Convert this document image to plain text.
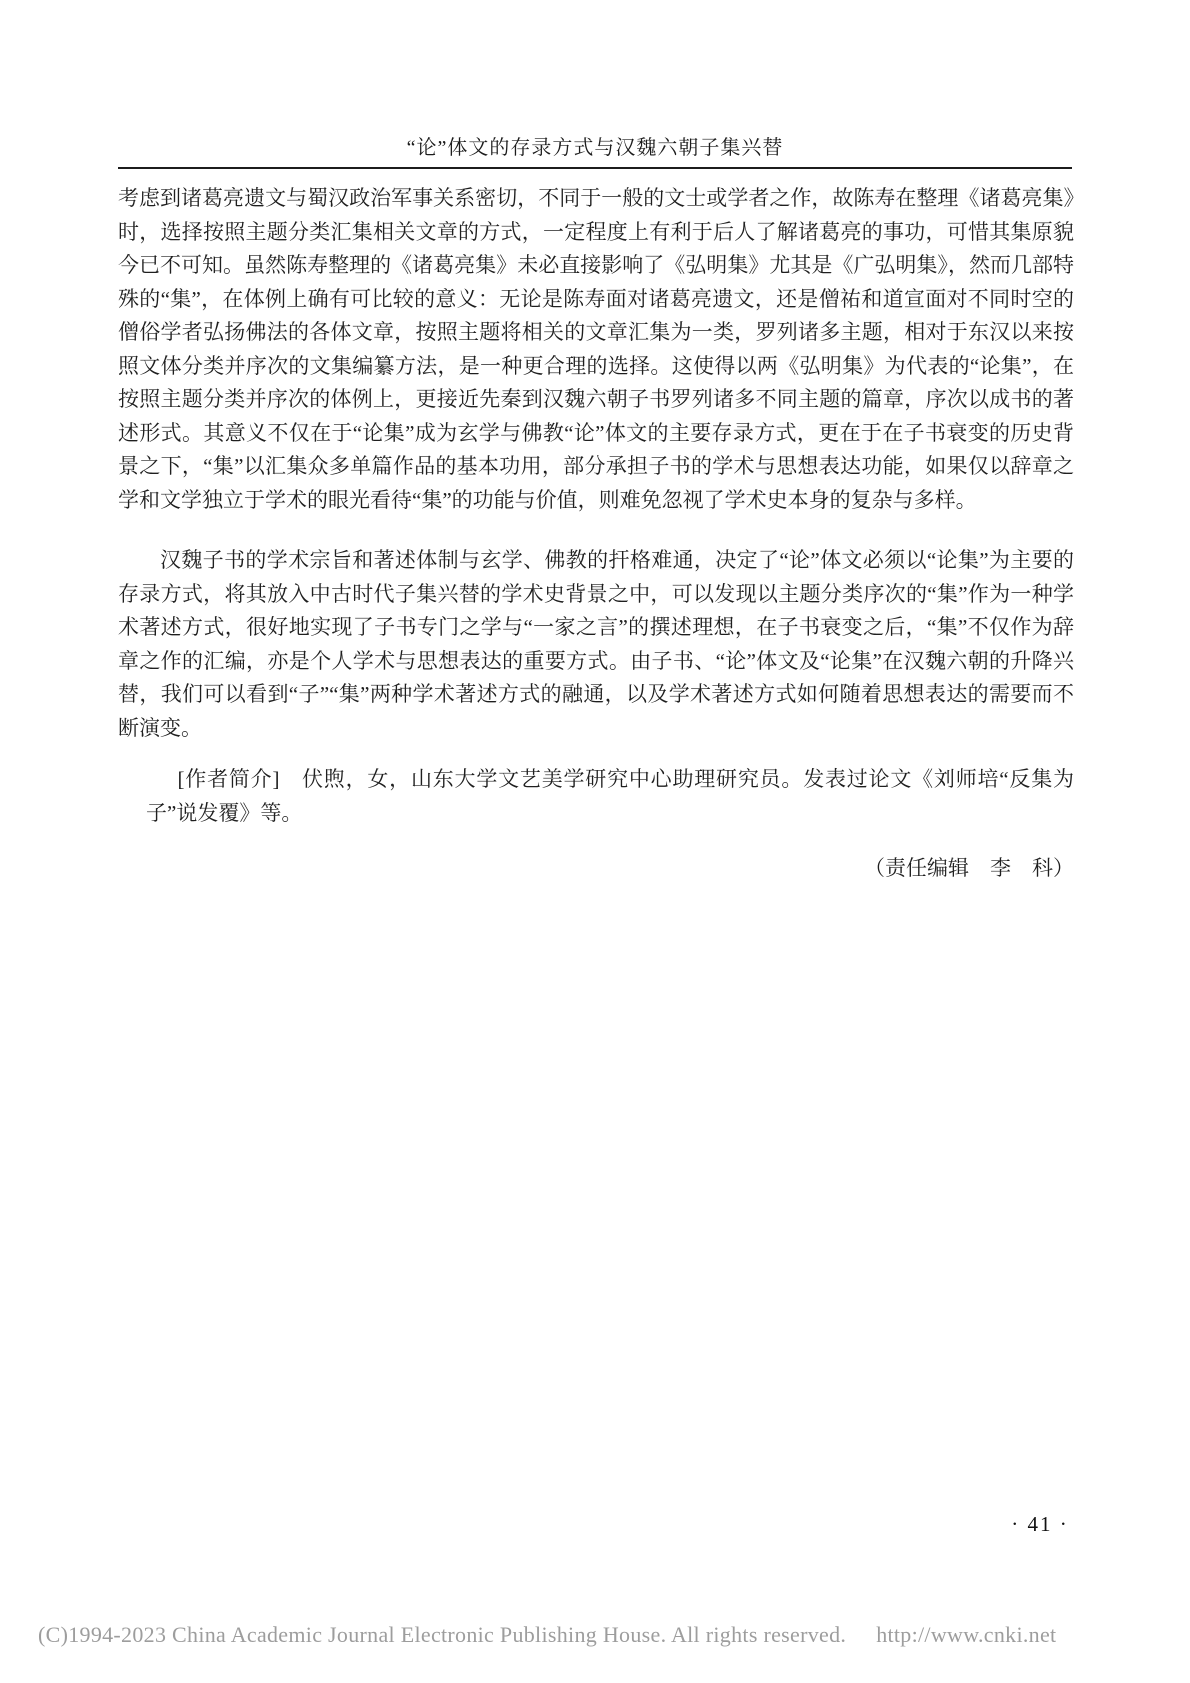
“论”体文的存录方式与汉魏六朝子集兴替

考虑到诸葛亮遗文与蜀汉政治军事关系密切，不同于一般的文士或学者之作，故陈寿在整理《诸葛亮集》时，选择按照主题分类汇集相关文章的方式，一定程度上有利于后人了解诸葛亮的事功，可惜其集原貌今已不可知。虽然陈寿整理的《诸葛亮集》未必直接影响了《弘明集》尤其是《广弘明集》，然而几部特殊的“集”，在体例上确有可比较的意义：无论是陈寿面对诸葛亮遗文，还是僧祐和道宣面对不同时空的僧俗学者弘扬佛法的各体文章，按照主题将相关的文章汇集为一类，罗列诸多主题，相对于东汉以来按照文体分类并序次的文集编纂方法，是一种更合理的选择。这使得以两《弘明集》为代表的“论集”，在按照主题分类并序次的体例上，更接近先秦到汉魏六朝子书罗列诸多不同主题的篇章，序次以成书的著述形式。其意义不仅在于“论集”成为玄学与佛教“论”体文的主要存录方式，更在于在子书衰变的历史背景之下，“集”以汇集众多单篇作品的基本功用，部分承担子书的学术与思想表达功能，如果仅以辞章之学和文学独立于学术的眼光看待“集”的功能与价值，则难免忽视了学术史本身的复杂与多样。

汉魏子书的学术宗旨和著述体制与玄学、佛教的扞格难通，决定了“论”体文必须以“论集”为主要的存录方式，将其放入中古时代子集兴替的学术史背景之中，可以发现以主题分类序次的“集”作为一种学术著述方式，很好地实现了子书专门之学与“一家之言”的撰述理想，在子书衰变之后，“集”不仅作为辞章之作的汇编，亦是个人学术与思想表达的重要方式。由子书、“论”体文及“论集”在汉魏六朝的升降兴替，我们可以看到“子”“集”两种学术著述方式的融通，以及学术著述方式如何随着思想表达的需要而不断演变。

[作者简介]　伏煦，女，山东大学文艺美学研究中心助理研究员。发表过论文《刘师培“反集为子”说发覆》等。

（责任编辑　李　科）

· 41 ·
(C)1994-2023 China Academic Journal Electronic Publishing House. All rights reserved. http://www.cnki.net
